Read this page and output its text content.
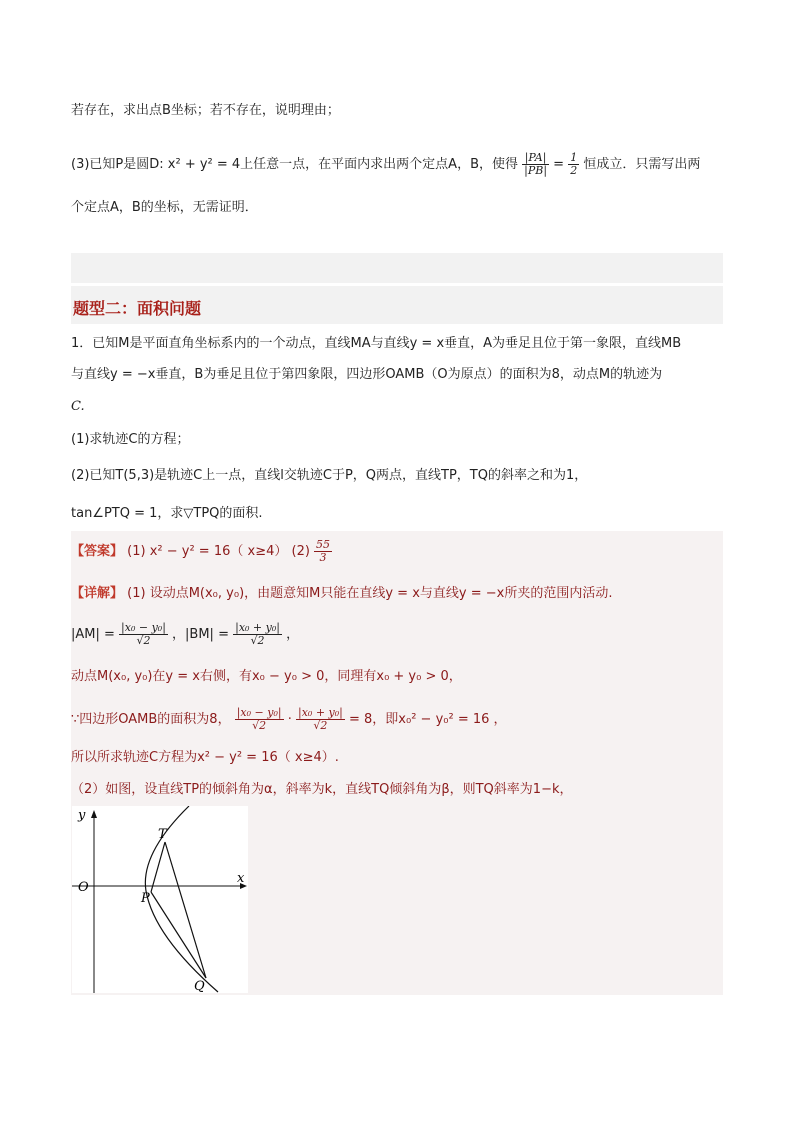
若存在，求出点B坐标；若不存在，说明理由；
(3)已知P是圆D: x² + y² = 4上任意一点，在平面内求出两个定点A，B，使得 $\frac{|PA|}{|PB|} = \frac{1}{2}$ 恒成立．只需写出两
个定点A，B的坐标，无需证明．
题型二：面积问题
1．已知M是平面直角坐标系内的一个动点，直线MA与直线y = x垂直，A为垂足且位于第一象限，直线MB
与直线y = −x垂直，B为垂足且位于第四象限，四边形OAMB（O为原点）的面积为8，动点M的轨迹为
C.
(1)求轨迹C的方程；
(2)已知T(5,3)是轨迹C上一点，直线l交轨迹C于P，Q两点，直线TP，TQ的斜率之和为1，
tan∠PTQ = 1，求▽TPQ的面积.
【答案】 (1) x² − y² = 16（ x≥4） $(2) \frac{55}{3}$
【详解】 (1) 设动点M(x₀, y₀)，由题意知M只能在直线y = x与直线y = −x所夹的范围内活动.
$|AM| = \frac{\text{|x₀ − y₀|}}{√2}$ ，$|BM| = \frac{\text{|x₀ + y₀|}}{√2}$ ，
动点M(x₀, y₀)在y = x右侧，有x₀ − y₀ > 0，同理有x₀ + y₀ > 0，
∵四边形OAMB的面积为8， $\frac{\text{|x₀ − y₀|}}{√2} \cdot \frac{\text{|x₀ + y₀|}}{√2} = 8$，即x₀² − y₀² = 16 ，
所以所求轨迹C方程为x² − y² = 16（ x≥4）.
（2）如图，设直线TP的倾斜角为α，斜率为k，直线TQ倾斜角为β，则TQ斜率为1−k，
y
x
O
T
P
Q
